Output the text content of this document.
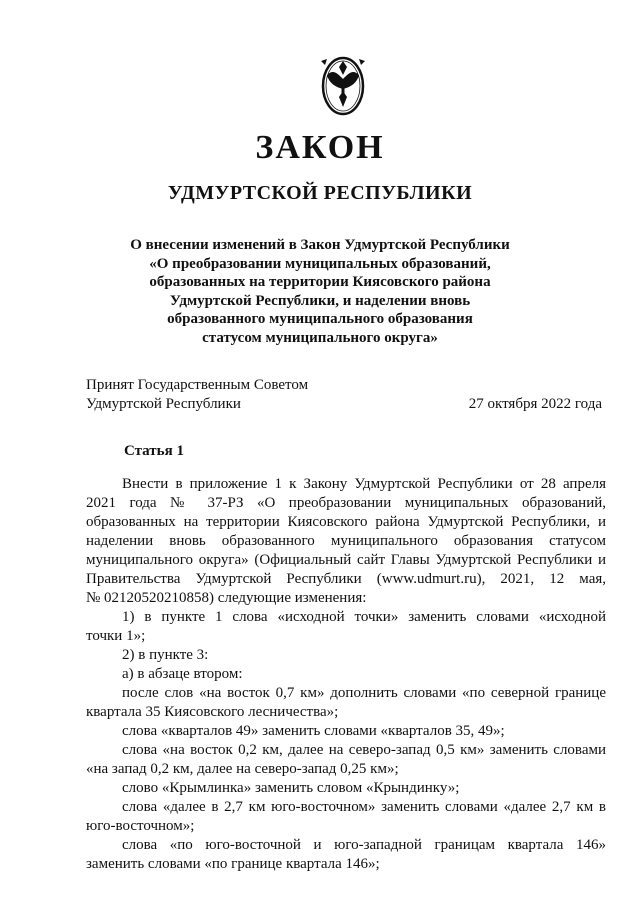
ЗАКОН
УДМУРТСКОЙ РЕСПУБЛИКИ
О внесении изменений в Закон Удмуртской Республики
«О преобразовании муниципальных образований,
образованных на территории Киясовского района
Удмуртской Республики, и наделении вновь
образованного муниципального образования
статусом муниципального округа»
Принят Государственным Советом
Удмуртской Республики	27 октября 2022 года
Статья 1
Внести в приложение 1 к Закону Удмуртской Республики от 28 апреля
2021 года № 37-РЗ «О преобразовании муниципальных образований,
образованных на территории Киясовского района Удмуртской Республики, и
наделении вновь образованного муниципального образования статусом
муниципального округа» (Официальный сайт Главы Удмуртской Республики и
Правительства Удмуртской Республики (www.udmurt.ru), 2021, 12 мая,
№ 02120520210858) следующие изменения:
1) в пункте 1 слова «исходной точки» заменить словами «исходной
точки 1»;
2) в пункте 3:
а) в абзаце втором:
после слов «на восток 0,7 км» дополнить словами «по северной границе
квартала 35 Киясовского лесничества»;
слова «кварталов 49» заменить словами «кварталов 35, 49»;
слова «на восток 0,2 км, далее на северо-запад 0,5 км» заменить словами
«на запад 0,2 км, далее на северо-запад 0,25 км»;
слово «Крымлинка» заменить словом «Крындинку»;
слова «далее в 2,7 км юго-восточном» заменить словами «далее 2,7 км в
юго-восточном»;
слова «по юго-восточной и юго-западной границам квартала 146»
заменить словами «по границе квартала 146»;
